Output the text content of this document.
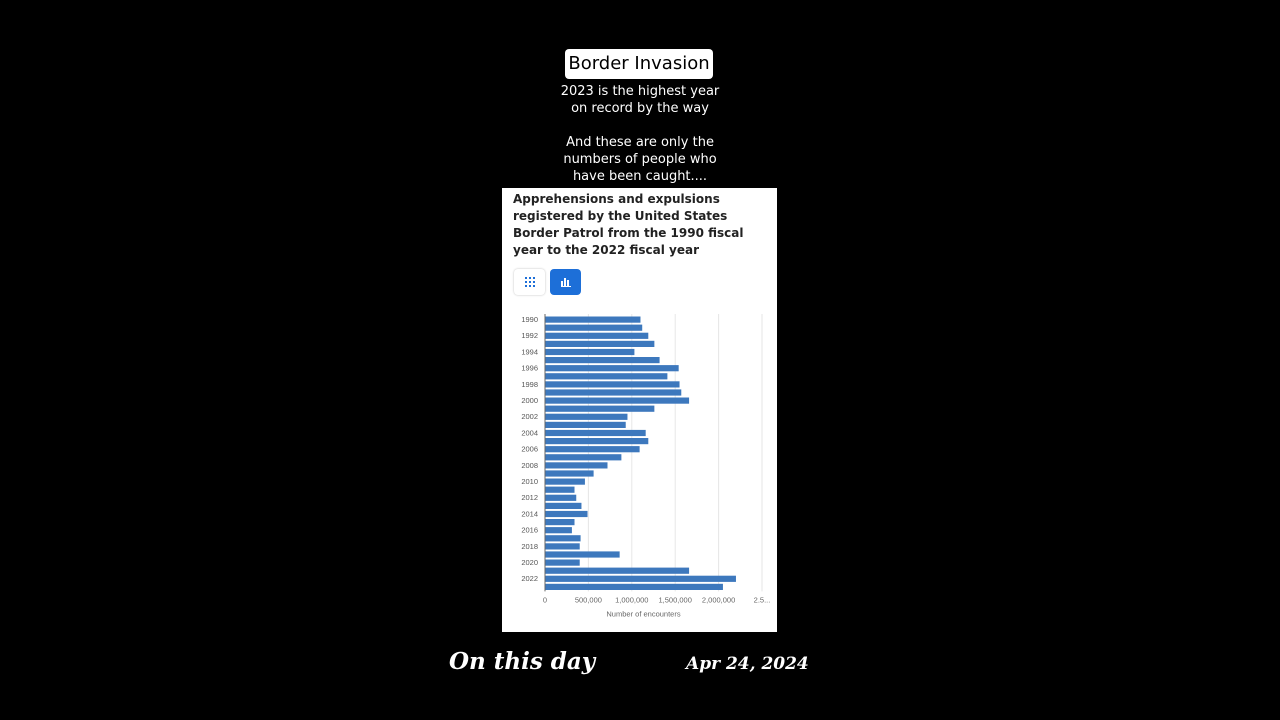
Border Invasion
2023 is the highest year
on record by the way
And these are only the
numbers of people who
have been caught....
Apprehensions and expulsions registered by the United States Border Patrol from the 1990 fiscal year to the 2022 fiscal year
1990
1992
1994
1996
1998
2000
2002
2004
2006
2008
2010
2012
2014
2016
2018
2020
2022
0	500,000 1,000,000 1,500,000 2,000,000 2.5...
Number of encounters
On this day	Apr 24, 2024
